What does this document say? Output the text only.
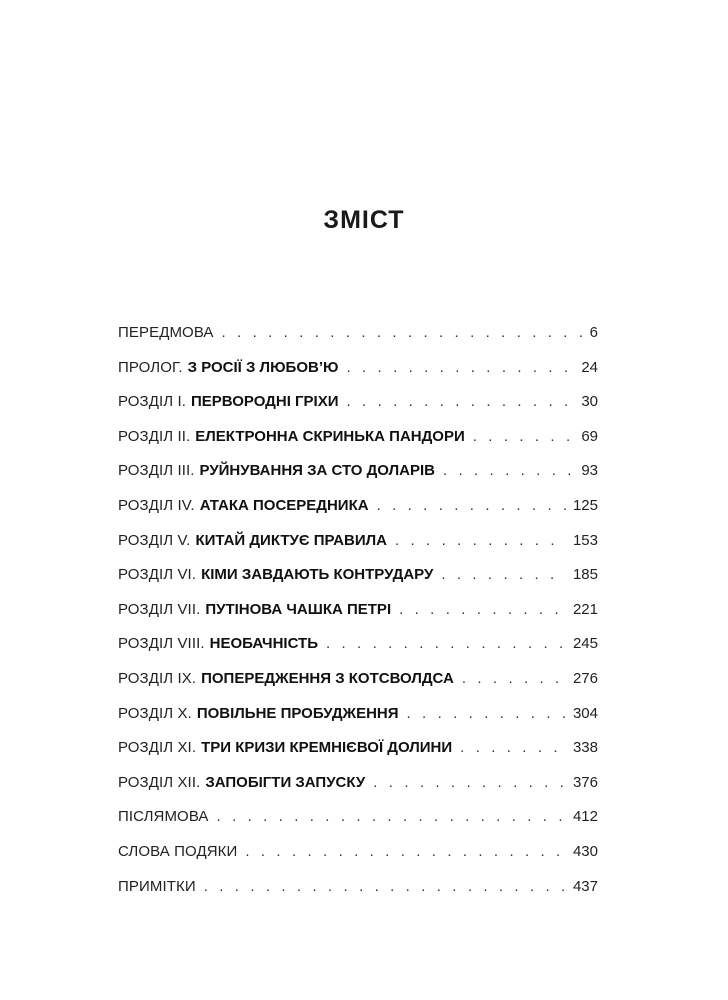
ЗМІСТ
ПЕРЕДМОВА . . .	6
ПРОЛОГ. З РОСІЇ З ЛЮБОВ’Ю . . .	24
РОЗДІЛ I. ПЕРВОРОДНІ ГРІХИ . . .	30
РОЗДІЛ II. ЕЛЕКТРОННА СКРИНЬКА ПАНДОРИ . . .	69
РОЗДІЛ III. РУЙНУВАННЯ ЗА СТО ДОЛАРІВ . . .	93
РОЗДІЛ IV. АТАКА ПОСЕРЕДНИКА . . .	125
РОЗДІЛ V. КИТАЙ ДИКТУЄ ПРАВИЛА . . .	153
РОЗДІЛ VI. КІМИ ЗАВДАЮТЬ КОНТРУДАРУ . . .	185
РОЗДІЛ VII. ПУТІНОВА ЧАШКА ПЕТРІ . . .	221
РОЗДІЛ VIII. НЕОБАЧНІСТЬ . . .	245
РОЗДІЛ IX. ПОПЕРЕДЖЕННЯ З КОТСВОЛДСА . . .	276
РОЗДІЛ X. ПОВІЛЬНЕ ПРОБУДЖЕННЯ . . .	304
РОЗДІЛ XI. ТРИ КРИЗИ КРЕМНІЄВОЇ ДОЛИНИ . . .	338
РОЗДІЛ XII. ЗАПОБІГТИ ЗАПУСКУ . . .	376
ПІСЛЯМОВА . . .	412
СЛОВА ПОДЯКИ . . .	430
ПРИМІТКИ . . .	437
